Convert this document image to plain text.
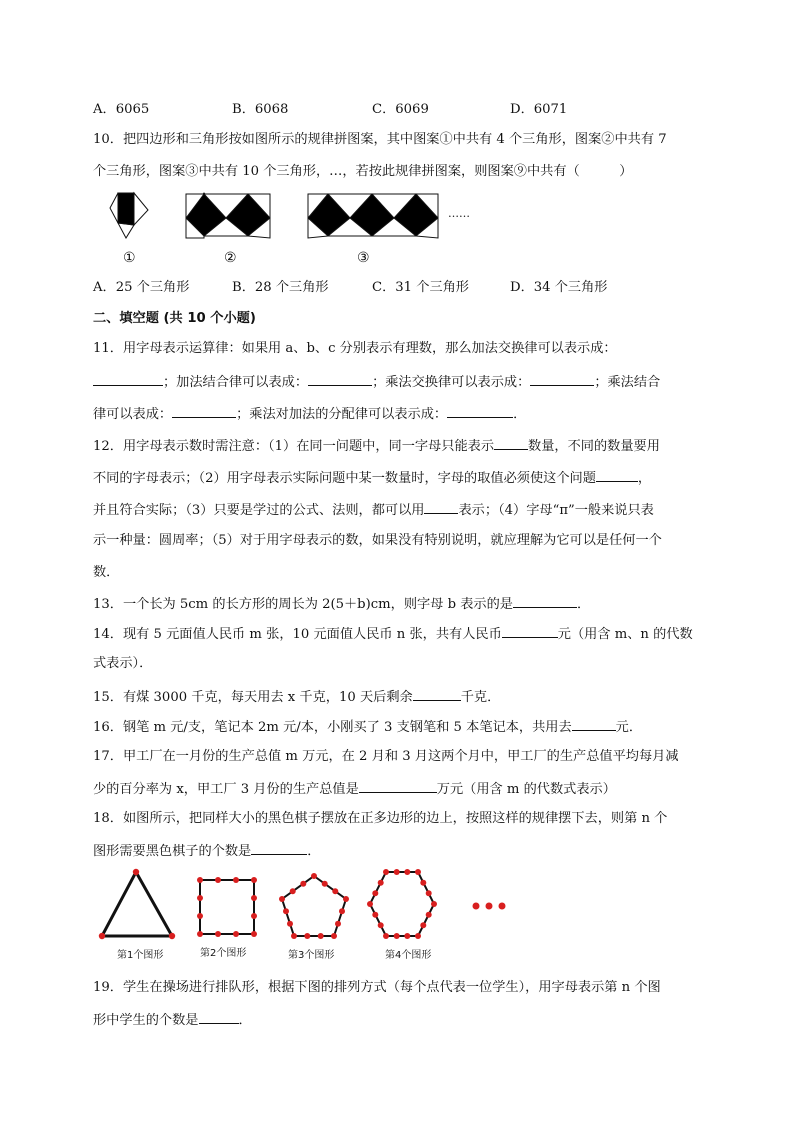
A．6065	B．6068	C．6069	D．6071
10．把四边形和三角形按如图所示的规律拼图案，其中图案①中共有 4 个三角形，图案②中共有 7
个三角形，图案③中共有 10 个三角形，…，若按此规律拼图案，则图案⑨中共有（　　　）
……
①	②	③
A．25 个三角形	B．28 个三角形	C．31 个三角形	D．34 个三角形
二、填空题 (共 10 个小题)
11．用字母表示运算律：如果用 a、b、c 分别表示有理数，那么加法交换律可以表示成：
；加法结合律可以表成：	；乘法交换律可以表示成：	；乘法结合
律可以表成：	；乘法对加法的分配律可以表示成：	．
12．用字母表示数时需注意：（1）在同一问题中，同一字母只能表示	数量，不同的数量要用
不同的字母表示；（2）用字母表示实际问题中某一数量时，字母的取值必须使这个问题	，
并且符合实际；（3）只要是学过的公式、法则，都可以用	表示；（4）字母“π”一般来说只表
示一种量：圆周率；（5）对于用字母表示的数，如果没有特别说明，就应理解为它可以是任何一个
数．
13．一个长为 5cm 的长方形的周长为 2(5＋b)cm，则字母 b 表示的是	．
14．现有 5 元面值人民币 m 张，10 元面值人民币 n 张，共有人民币	元（用含 m、n 的代数
式表示）．
15．有煤 3000 千克，每天用去 x 千克，10 天后剩余	千克．
16．钢笔 m 元/支，笔记本 2m 元/本，小刚买了 3 支钢笔和 5 本笔记本，共用去	元．
17．甲工厂在一月份的生产总值 m 万元，在 2 月和 3 月这两个月中，甲工厂的生产总值平均每月减
少的百分率为 x，甲工厂 3 月份的生产总值是	万元（用含 m 的代数式表示）
18．如图所示，把同样大小的黑色棋子摆放在正多边形的边上，按照这样的规律摆下去，则第 n 个
图形需要黑色棋子的个数是	．
第1个图形	第2个图形	第3个图形	第4个图形
19．学生在操场进行排队形，根据下图的排列方式（每个点代表一位学生），用字母表示第 n 个图
形中学生的个数是	．
